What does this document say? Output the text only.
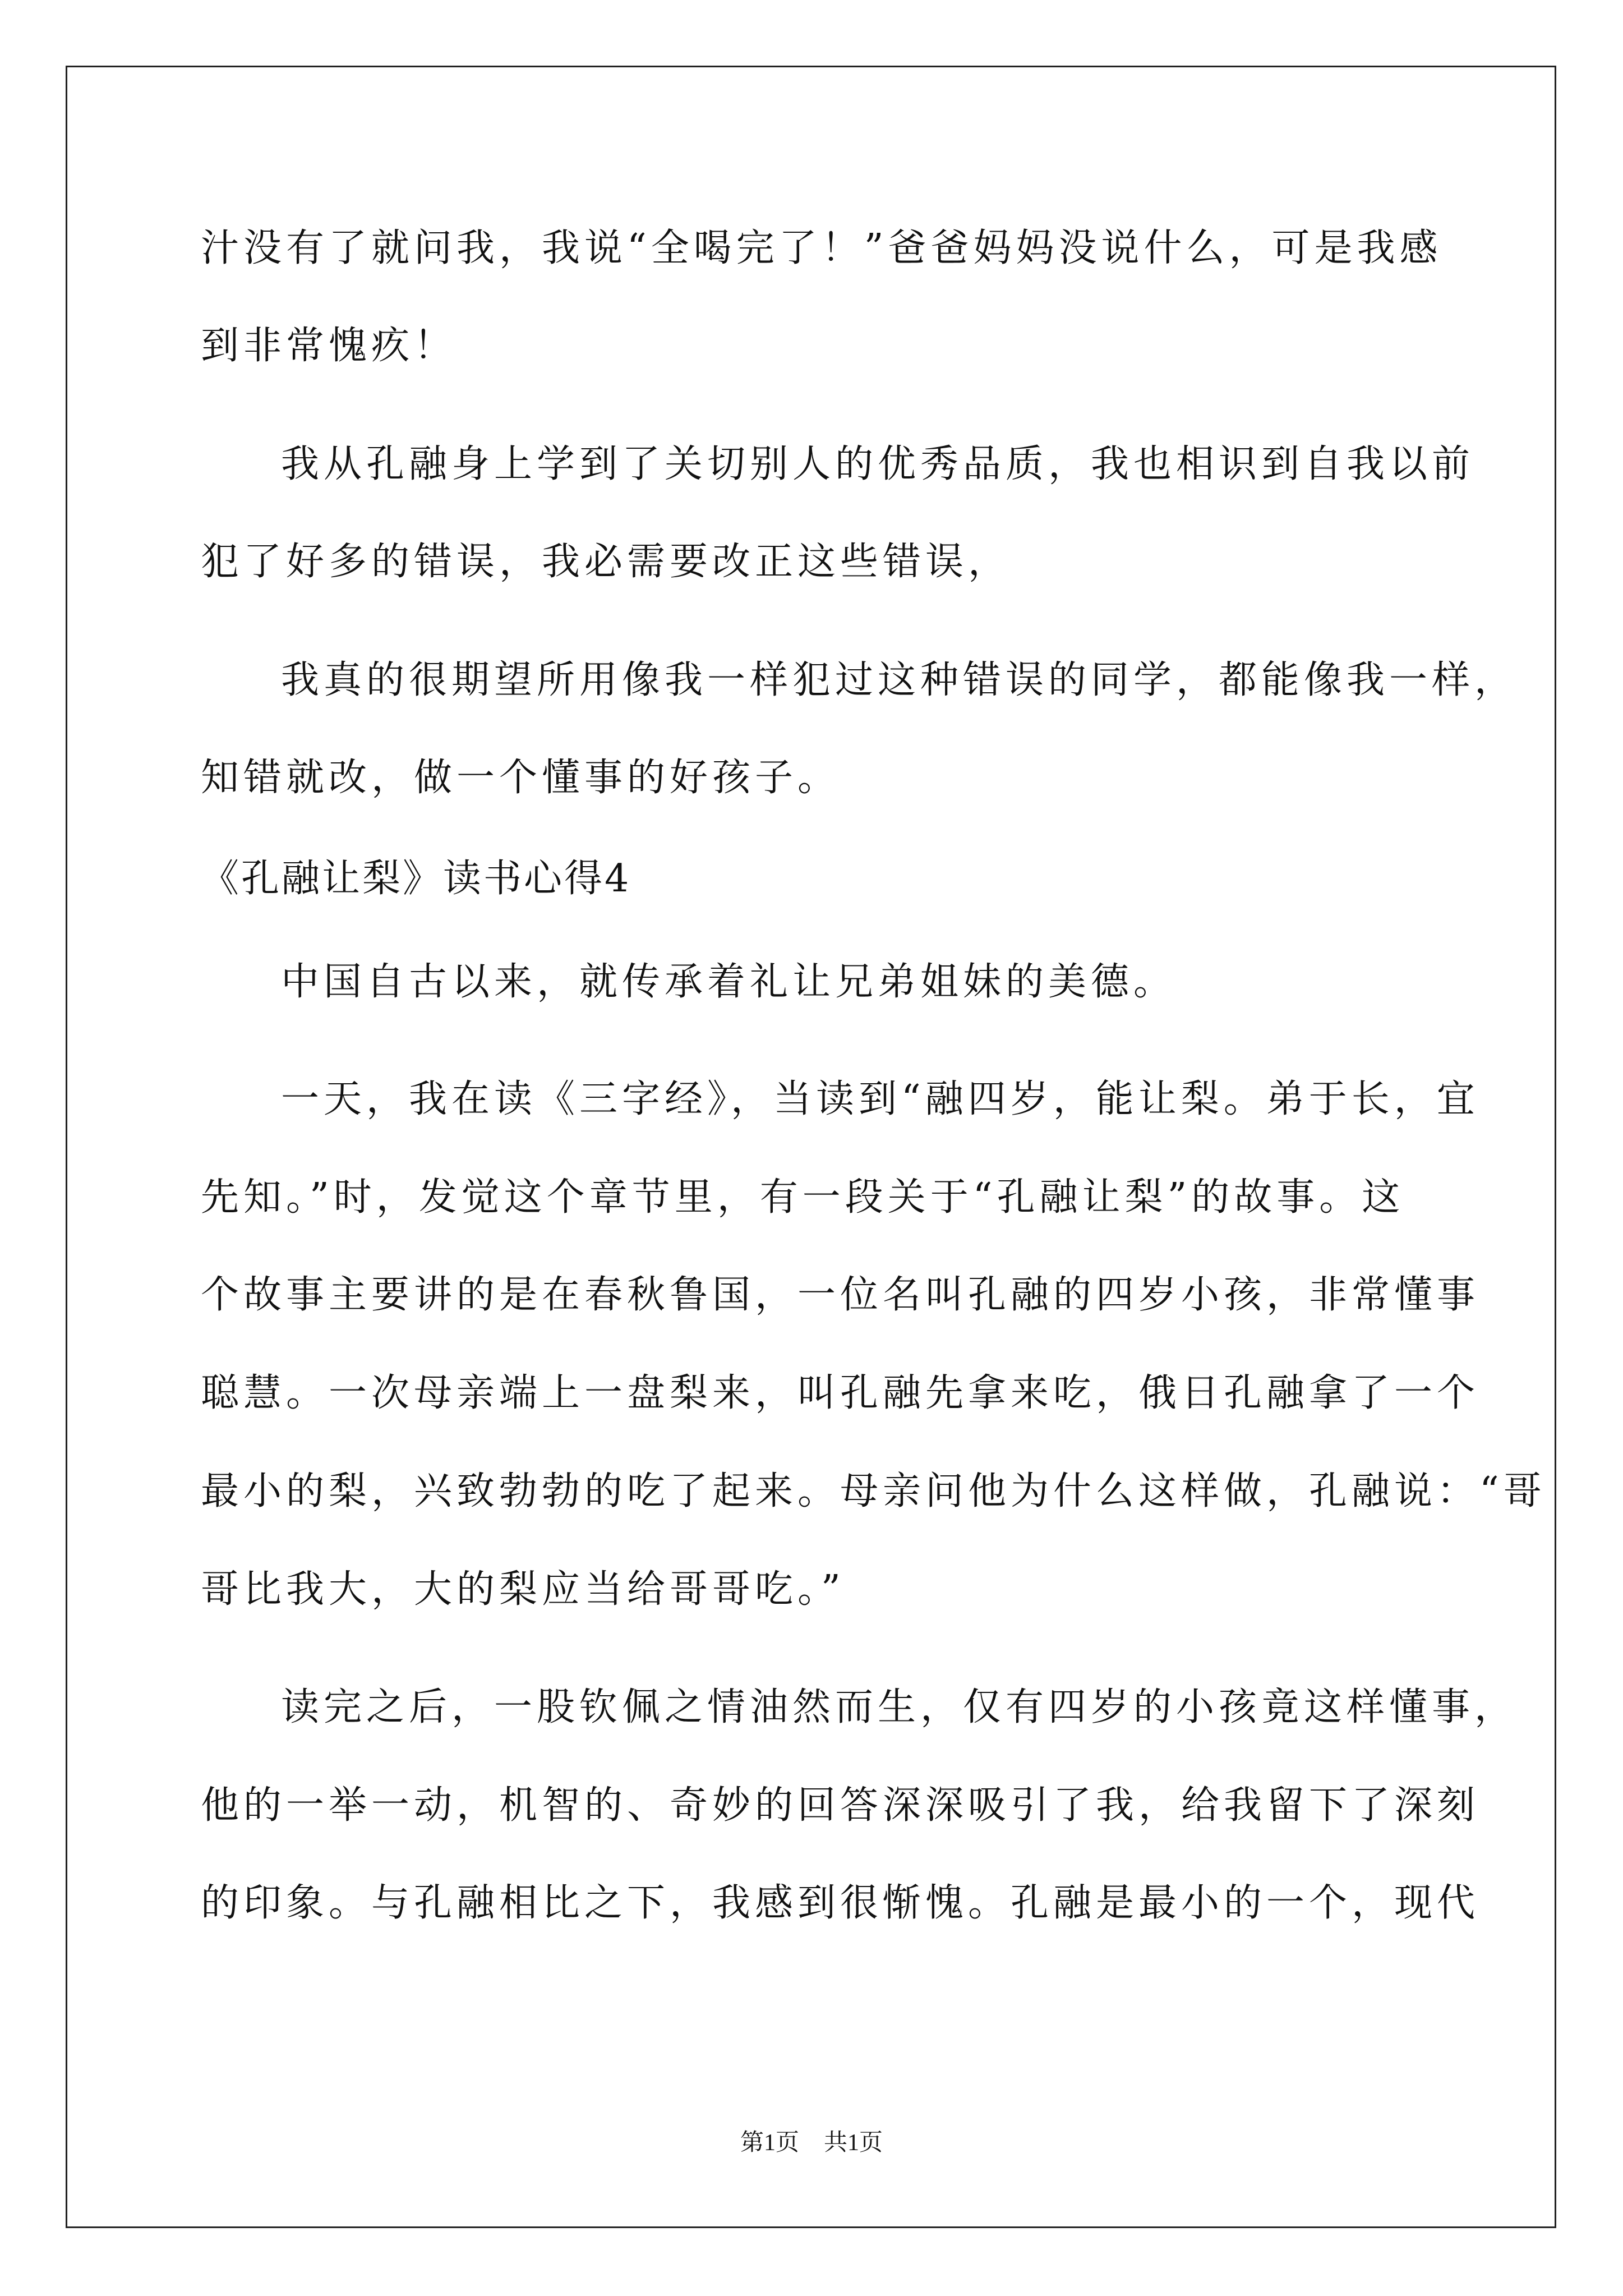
汁没有了就问我，我说“全喝完了！”爸爸妈妈没说什么，可是我感
到非常愧疚！
我从孔融身上学到了关切别人的优秀品质，我也相识到自我以前
犯了好多的错误，我必需要改正这些错误，
我真的很期望所用像我一样犯过这种错误的同学，都能像我一样，
知错就改，做一个懂事的好孩子。
《孔融让梨》读书心得4
中国自古以来，就传承着礼让兄弟姐妹的美德。
一天，我在读《三字经》，当读到“融四岁，能让梨。弟于长，宜
先知。”时，发觉这个章节里，有一段关于“孔融让梨”的故事。这
个故事主要讲的是在春秋鲁国，一位名叫孔融的四岁小孩，非常懂事
聪慧。一次母亲端上一盘梨来，叫孔融先拿来吃，俄日孔融拿了一个
最小的梨，兴致勃勃的吃了起来。母亲问他为什么这样做，孔融说：“哥
哥比我大，大的梨应当给哥哥吃。”
读完之后，一股钦佩之情油然而生，仅有四岁的小孩竟这样懂事，
他的一举一动，机智的、奇妙的回答深深吸引了我，给我留下了深刻
的印象。与孔融相比之下，我感到很惭愧。孔融是最小的一个，现代
第1页 共1页
